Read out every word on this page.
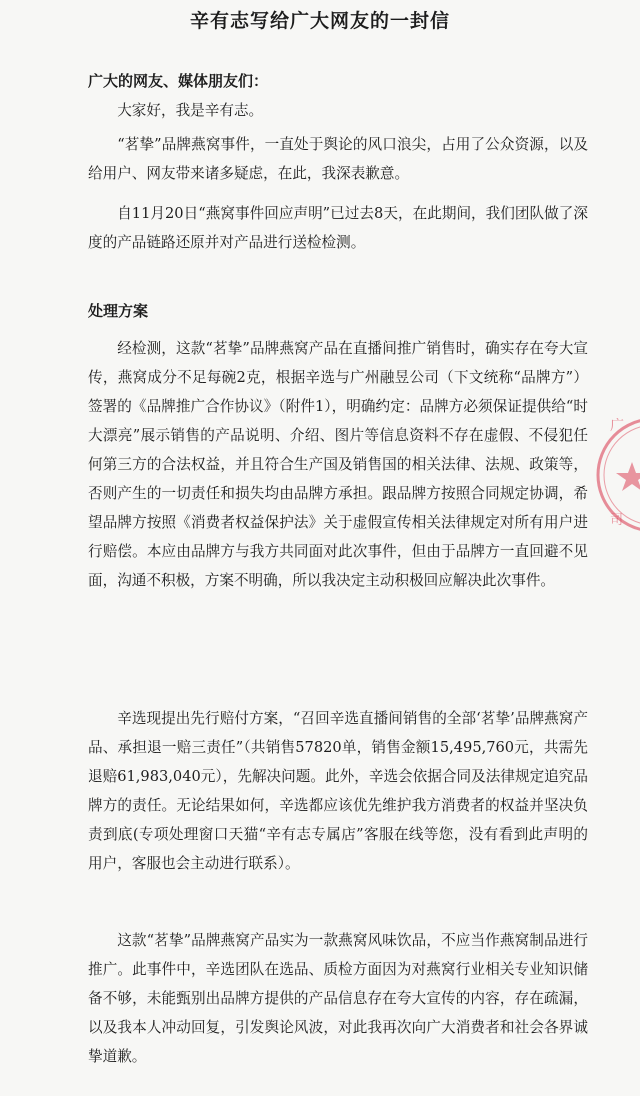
辛有志写给广大网友的一封信
广大的网友、媒体朋友们：

大家好，我是辛有志。

“茗挚”品牌燕窝事件，一直处于舆论的风口浪尖，占用了公众资源，以及给用户、网友带来诸多疑虑，在此，我深表歉意。

自11月20日“燕窝事件回应声明”已过去8天，在此期间，我们团队做了深度的产品链路还原并对产品进行送检检测。

处理方案

经检测，这款“茗挚”品牌燕窝产品在直播间推广销售时，确实存在夸大宣传，燕窝成分不足每碗2克，根据辛选与广州融昱公司（下文统称“品牌方”）签署的《品牌推广合作协议》（附件1），明确约定：品牌方必须保证提供给“时大漂亮”展示销售的产品说明、介绍、图片等信息资料不存在虚假、不侵犯任何第三方的合法权益，并且符合生产国及销售国的相关法律、法规、政策等，否则产生的一切责任和损失均由品牌方承担。跟品牌方按照合同规定协调，希望品牌方按照《消费者权益保护法》关于虚假宣传相关法律规定对所有用户进行赔偿。本应由品牌方与我方共同面对此次事件，但由于品牌方一直回避不见面，沟通不积极，方案不明确，所以我决定主动积极回应解决此次事件。

辛选现提出先行赔付方案，“召回辛选直播间销售的全部‘茗挚’品牌燕窝产品、承担退一赔三责任”（共销售57820单，销售金额15,495,760元，共需先退赔61,983,040元），先解决问题。此外，辛选会依据合同及法律规定追究品牌方的责任。无论结果如何，辛选都应该优先维护我方消费者的权益并坚决负责到底(专项处理窗口天猫“辛有志专属店”客服在线等您，没有看到此声明的用户，客服也会主动进行联系）。

这款“茗挚”品牌燕窝产品实为一款燕窝风味饮品，不应当作燕窝制品进行推广。此事件中，辛选团队在选品、质检方面因为对燕窝行业相关专业知识储备不够，未能甄别出品牌方提供的产品信息存在夸大宣传的内容，存在疏漏，以及我本人冲动回复，引发舆论风波，对此我再次向广大消费者和社会各界诚挚道歉。

广
司
